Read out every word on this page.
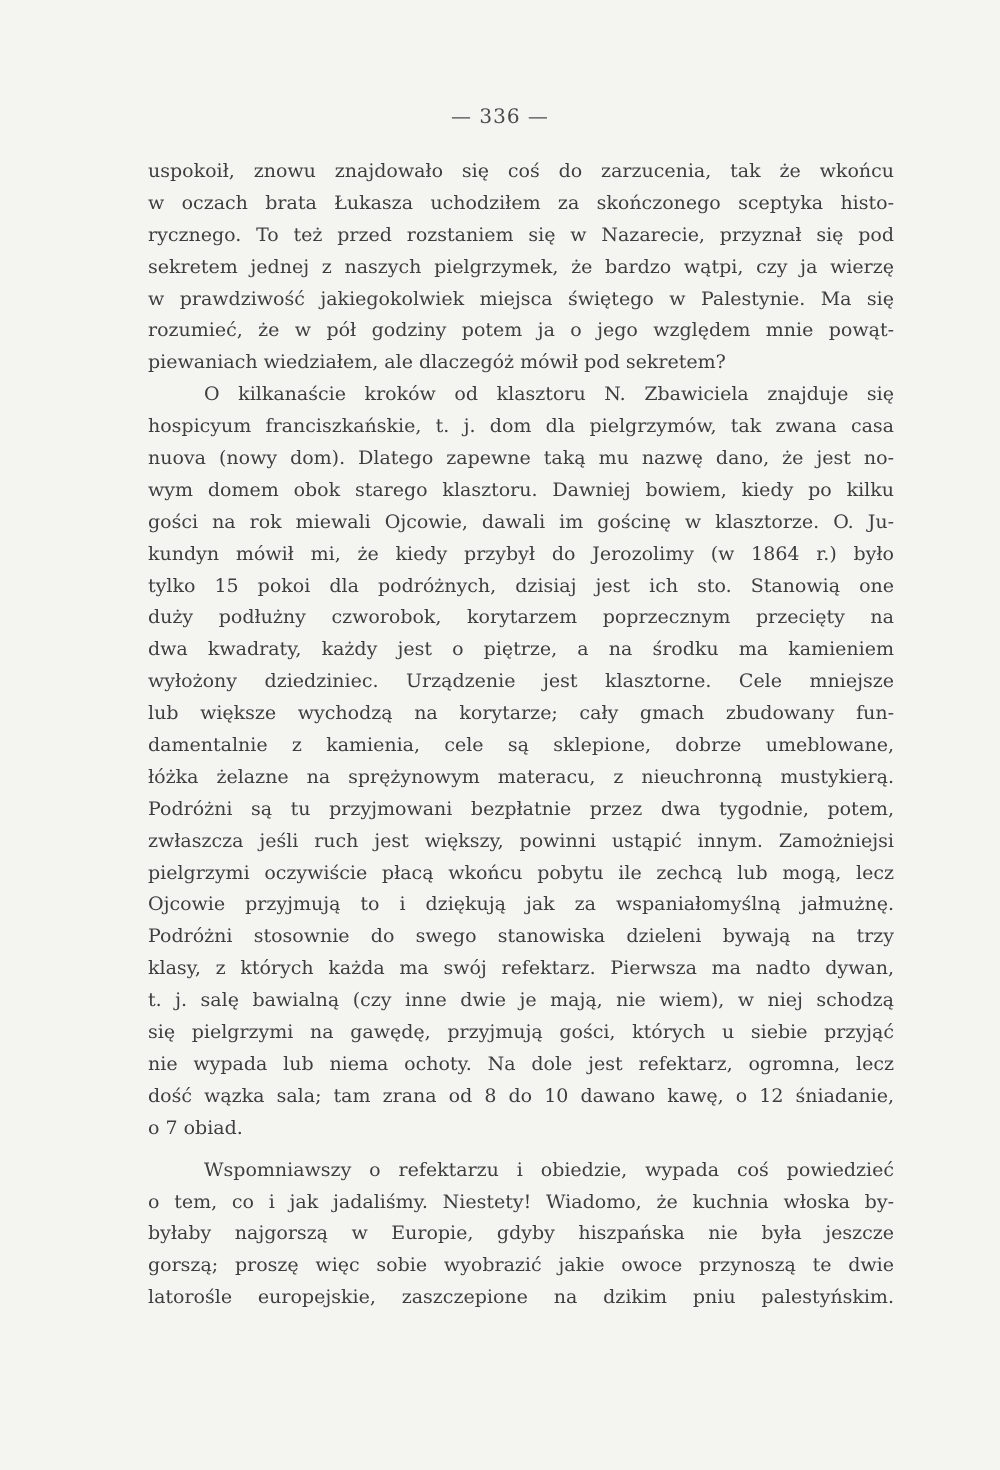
— 336 —
uspokoił, znowu znajdowało się coś do zarzucenia, tak że wkońcu
w oczach brata Łukasza uchodziłem za skończonego sceptyka histo-
rycznego. To też przed rozstaniem się w Nazarecie, przyznał się pod
sekretem jednej z naszych pielgrzymek, że bardzo wątpi, czy ja wierzę
w prawdziwość jakiegokolwiek miejsca świętego w Palestynie. Ma się
rozumieć, że w pół godziny potem ja o jego względem mnie powąt-
piewaniach wiedziałem, ale dlaczegóż mówił pod sekretem?
O kilkanaście kroków od klasztoru N. Zbawiciela znajduje się
hospicyum franciszkańskie, t. j. dom dla pielgrzymów, tak zwana casa
nuova (nowy dom). Dlatego zapewne taką mu nazwę dano, że jest no-
wym domem obok starego klasztoru. Dawniej bowiem, kiedy po kilku
gości na rok miewali Ojcowie, dawali im gościnę w klasztorze. O. Ju-
kundyn mówił mi, że kiedy przybył do Jerozolimy (w 1864 r.) było
tylko 15 pokoi dla podróżnych, dzisiaj jest ich sto. Stanowią one
duży podłużny czworobok, korytarzem poprzecznym przecięty na
dwa kwadraty, każdy jest o piętrze, a na środku ma kamieniem
wyłożony dziedziniec. Urządzenie jest klasztorne. Cele mniejsze
lub większe wychodzą na korytarze; cały gmach zbudowany fun-
damentalnie z kamienia, cele są sklepione, dobrze umeblowane,
łóżka żelazne na sprężynowym materacu, z nieuchronną mustykierą.
Podróżni są tu przyjmowani bezpłatnie przez dwa tygodnie, potem,
zwłaszcza jeśli ruch jest większy, powinni ustąpić innym. Zamożniejsi
pielgrzymi oczywiście płacą wkońcu pobytu ile zechcą lub mogą, lecz
Ojcowie przyjmują to i dziękują jak za wspaniałomyślną jałmużnę.
Podróżni stosownie do swego stanowiska dzieleni bywają na trzy
klasy, z których każda ma swój refektarz. Pierwsza ma nadto dywan,
t. j. salę bawialną (czy inne dwie je mają, nie wiem), w niej schodzą
się pielgrzymi na gawędę, przyjmują gości, których u siebie przyjąć
nie wypada lub niema ochoty. Na dole jest refektarz, ogromna, lecz
dość wązka sala; tam zrana od 8 do 10 dawano kawę, o 12 śniadanie,
o 7 obiad.
Wspomniawszy o refektarzu i obiedzie, wypada coś powiedzieć
o tem, co i jak jadaliśmy. Niestety! Wiadomo, że kuchnia włoska by-
byłaby najgorszą w Europie, gdyby hiszpańska nie była jeszcze
gorszą; proszę więc sobie wyobrazić jakie owoce przynoszą te dwie
latorośle europejskie, zaszczepione na dzikim pniu palestyńskim.
